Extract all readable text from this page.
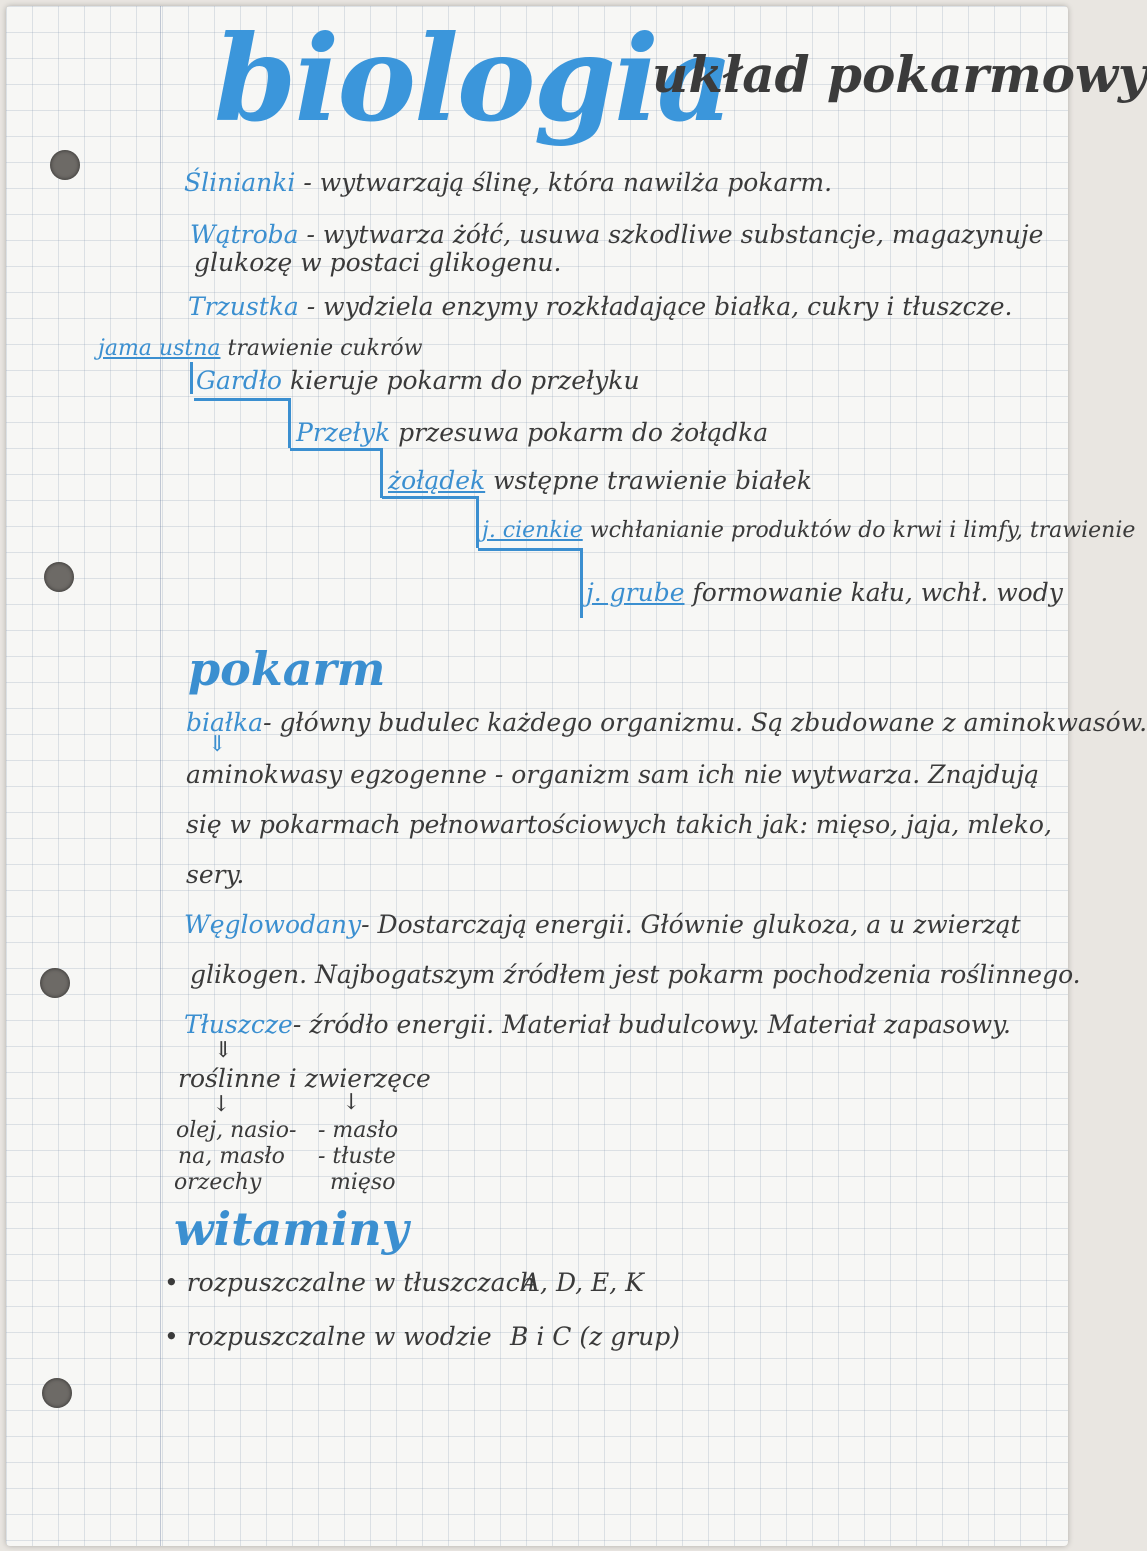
biologia
układ pokarmowy
Ślinianki - wytwarzają ślinę, która nawilża pokarm.
Wątroba - wytwarza żółć, usuwa szkodliwe substancje, magazynuje
glukozę w postaci glikogenu.
Trzustka - wydziela enzymy rozkładające białka, cukry i tłuszcze.
jama ustna trawienie cukrów
Gardło kieruje pokarm do przełyku
Przełyk przesuwa pokarm do żołądka
żołądek wstępne trawienie białek
j. cienkie wchłanianie produktów do krwi i limfy, trawienie
j. grube formowanie kału, wchł. wody
pokarm
białka- główny budulec każdego organizmu. Są zbudowane z aminokwasów.
⇓
aminokwasy egzogenne - organizm sam ich nie wytwarza. Znajdują
się w pokarmach pełnowartościowych takich jak: mięso, jaja, mleko,
sery.
Węglowodany- Dostarczają energii. Głównie glukoza, a u zwierząt
glikogen. Najbogatszym źródłem jest pokarm pochodzenia roślinnego.
Tłuszcze- źródło energii. Materiał budulcowy. Materiał zapasowy.
⇓
roślinne i zwierzęce
↓	↓
olej, nasio-
na, masło
orzechy
- masło
- tłuste
mięso
witaminy
• rozpuszczalne w tłuszczach
A, D, E, K
• rozpuszczalne w wodzie B i C (z grup)
